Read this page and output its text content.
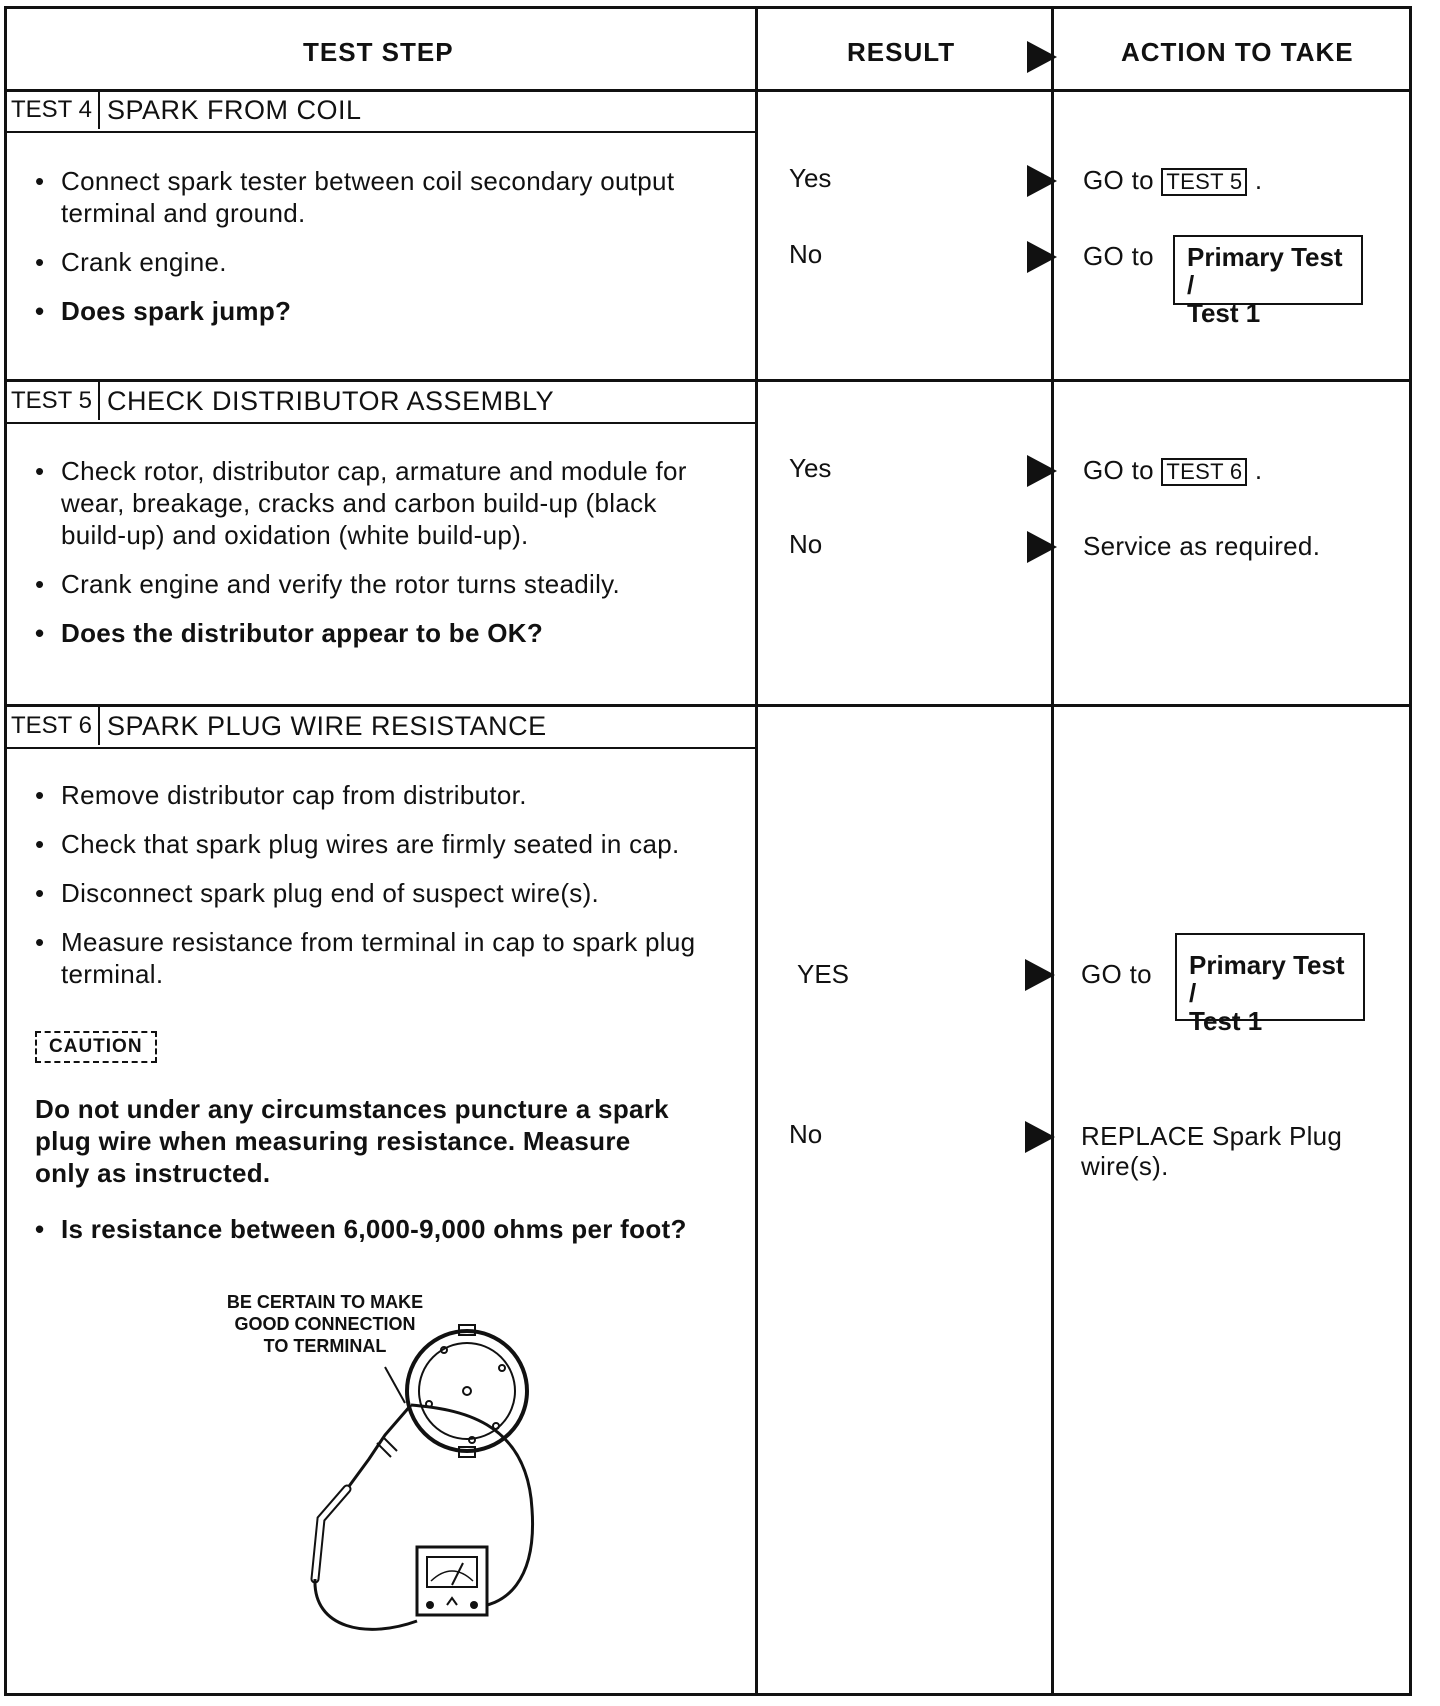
TEST STEP	RESULT	ACTION TO TAKE
TEST 4 SPARK FROM COIL
• Connect spark tester between coil secondary output terminal and ground.
• Crank engine.
• Does spark jump?
Yes	GO to TEST 5 .
No	GO to Primary Test /
Test 1
TEST 5 CHECK DISTRIBUTOR ASSEMBLY
• Check rotor, distributor cap, armature and module for wear, breakage, cracks and carbon build-up (black build-up) and oxidation (white build-up).
• Crank engine and verify the rotor turns steadily.
• Does the distributor appear to be OK?
Yes	GO to TEST 6 .
No	Service as required.
TEST 6 SPARK PLUG WIRE RESISTANCE
• Remove distributor cap from distributor.
• Check that spark plug wires are firmly seated in cap.
• Disconnect spark plug end of suspect wire(s).
• Measure resistance from terminal in cap to spark plug terminal.
CAUTION
Do not under any circumstances puncture a spark plug wire when measuring resistance. Measure only as instructed.
• Is resistance between 6,000-9,000 ohms per foot?
BE CERTAIN TO MAKE GOOD CONNECTION TO TERMINAL
YES	GO to Primary Test /
Test 1
No	REPLACE Spark Plug wire(s).
